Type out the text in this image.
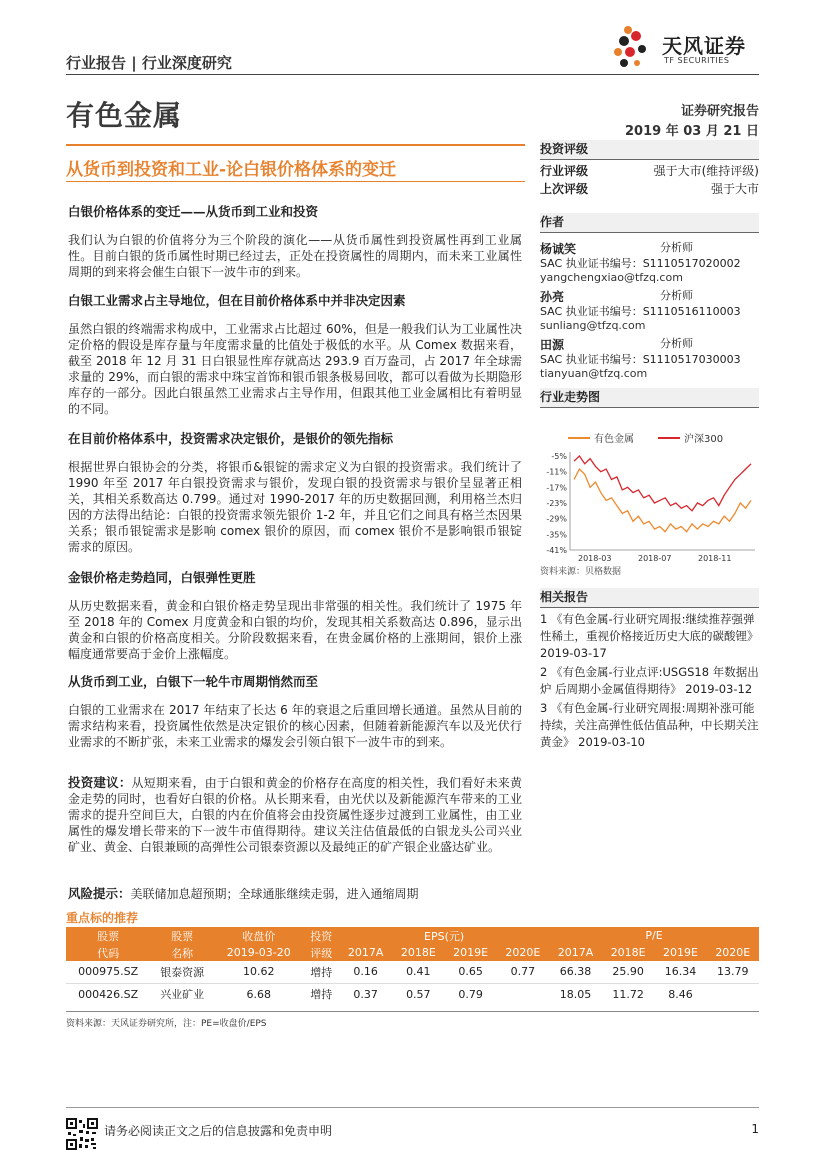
行业报告 | 行业深度研究
天风证券
TF SECURITIES
有色金属	证券研究报告
2019 年 03 月 21 日
从货币到投资和工业-论白银价格体系的变迁
白银价格体系的变迁——从货币到工业和投资
我们认为白银的价值将分为三个阶段的演化——从货币属性到投资属性再到工业属性。目前白银的货币属性时期已经过去，正处在投资属性的周期内，而未来工业属性周期的到来将会催生白银下一波牛市的到来。
白银工业需求占主导地位，但在目前价格体系中并非决定因素
虽然白银的终端需求构成中，工业需求占比超过 60%，但是一般我们认为工业属性决定价格的假设是库存量与年度需求量的比值处于极低的水平。从 Comex 数据来看，截至 2018 年 12 月 31 日白银显性库存就高达 293.9 百万盎司，占 2017 年全球需求量的 29%，而白银的需求中珠宝首饰和银币银条极易回收，都可以看做为长期隐形库存的一部分。因此白银虽然工业需求占主导作用，但跟其他工业金属相比有着明显的不同。
在目前价格体系中，投资需求决定银价，是银价的领先指标
根据世界白银协会的分类，将银币&银锭的需求定义为白银的投资需求。我们统计了 1990 年至 2017 年白银投资需求与银价，发现白银的投资需求与银价呈显著正相关，其相关系数高达 0.799。通过对 1990-2017 年的历史数据回测，利用格兰杰归因的方法得出结论：白银的投资需求领先银价 1-2 年，并且它们之间具有格兰杰因果关系；银币银锭需求是影响 comex 银价的原因，而 comex 银价不是影响银币银锭需求的原因。
金银价格走势趋同，白银弹性更胜
从历史数据来看，黄金和白银价格走势呈现出非常强的相关性。我们统计了 1975 年至 2018 年的 Comex 月度黄金和白银的均价，发现其相关系数高达 0.896，显示出黄金和白银的价格高度相关。分阶段数据来看，在贵金属价格的上涨期间，银价上涨幅度通常要高于金价上涨幅度。
从货币到工业，白银下一轮牛市周期悄然而至
白银的工业需求在 2017 年结束了长达 6 年的衰退之后重回增长通道。虽然从目前的需求结构来看，投资属性依然是决定银价的核心因素，但随着新能源汽车以及光伏行业需求的不断扩张，未来工业需求的爆发会引领白银下一波牛市的到来。
投资建议：从短期来看，由于白银和黄金的价格存在高度的相关性，我们看好未来黄金走势的同时，也看好白银的价格。从长期来看，由光伏以及新能源汽车带来的工业需求的提升空间巨大，白银的内在价值将会由投资属性逐步过渡到工业属性，由工业属性的爆发增长带来的下一波牛市值得期待。建议关注估值最低的白银龙头公司兴业矿业、黄金、白银兼顾的高弹性公司银泰资源以及最纯正的矿产银企业盛达矿业。
风险提示：美联储加息超预期；全球通胀继续走弱，进入通缩周期
投资评级
行业评级	强于大市(维持评级)
上次评级	强于大市
作者
杨诚笑	分析师
SAC 执业证书编号：S1110517020002
yangchengxiao@tfzq.com
孙亮	分析师
SAC 执业证书编号：S1110516110003
sunliang@tfzq.com
田源	分析师
SAC 执业证书编号：S1110517030003
tianyuan@tfzq.com
行业走势图
有色金属	沪深300
-5%
-11%
-17%
-23%
-29%
-35%
-41%
2018-03	2018-07	2018-11
资料来源：贝格数据
相关报告
1 《有色金属-行业研究周报:继续推荐强弹性稀土，重视价格接近历史大底的碳酸锂》 2019-03-17
2 《有色金属-行业点评:USGS18 年数据出炉 后周期小金属值得期待》 2019-03-12
3 《有色金属-行业研究周报:周期补涨可能持续，关注高弹性低估值品种，中长期关注黄金》 2019-03-10
重点标的推荐
股票	股票	收盘价	投资	EPS(元)				P/E			
代码	名称	2019-03-20	评级	2017A	2018E	2019E	2020E	2017A	2018E	2019E	2020E
000975.SZ	银泰资源	10.62	增持	0.16	0.41	0.65	0.77	66.38	25.90	16.34	13.79
000426.SZ	兴业矿业	6.68	增持	0.37	0.57	0.79		18.05	11.72	8.46	
资料来源：天风证券研究所，注：PE=收盘价/EPS
请务必阅读正文之后的信息披露和免责申明	1
